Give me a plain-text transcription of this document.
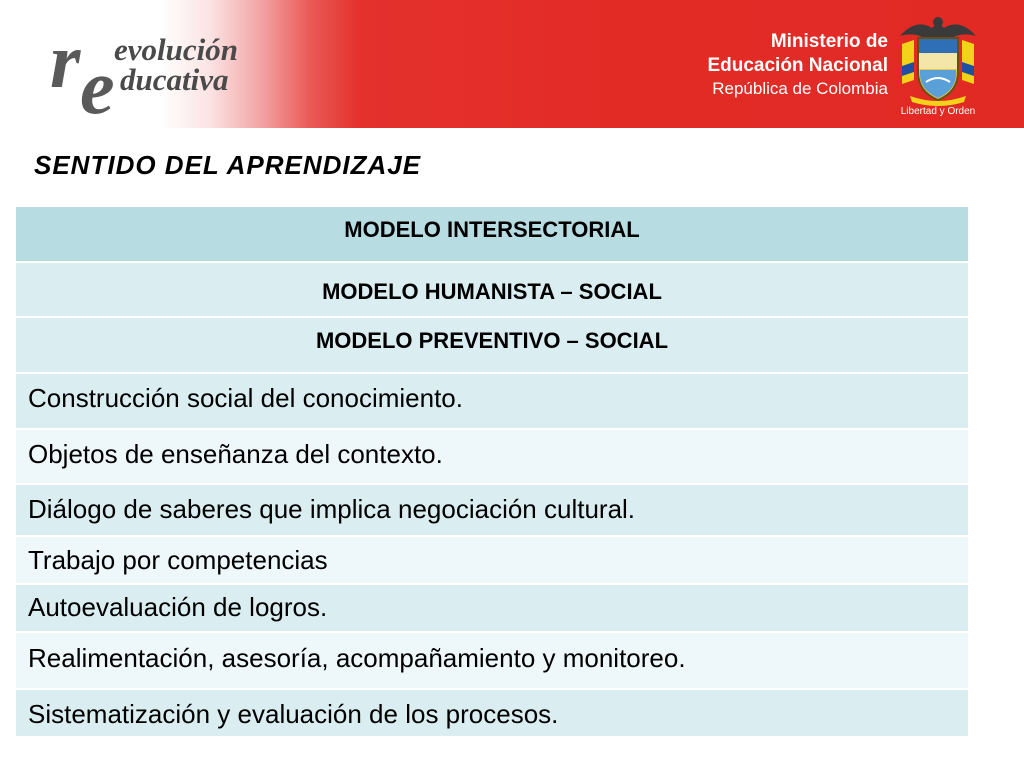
r e evolución
ducativa
Ministerio de
Educación Nacional
República de Colombia
Libertad y Orden
SENTIDO DEL APRENDIZAJE
MODELO INTERSECTORIAL
MODELO HUMANISTA – SOCIAL
MODELO PREVENTIVO – SOCIAL
Construcción social del conocimiento.
Objetos de enseñanza del contexto.
Diálogo de saberes que implica negociación cultural.
Trabajo por competencias
Autoevaluación de logros.
Realimentación, asesoría, acompañamiento y monitoreo.
Sistematización y evaluación de los procesos.
